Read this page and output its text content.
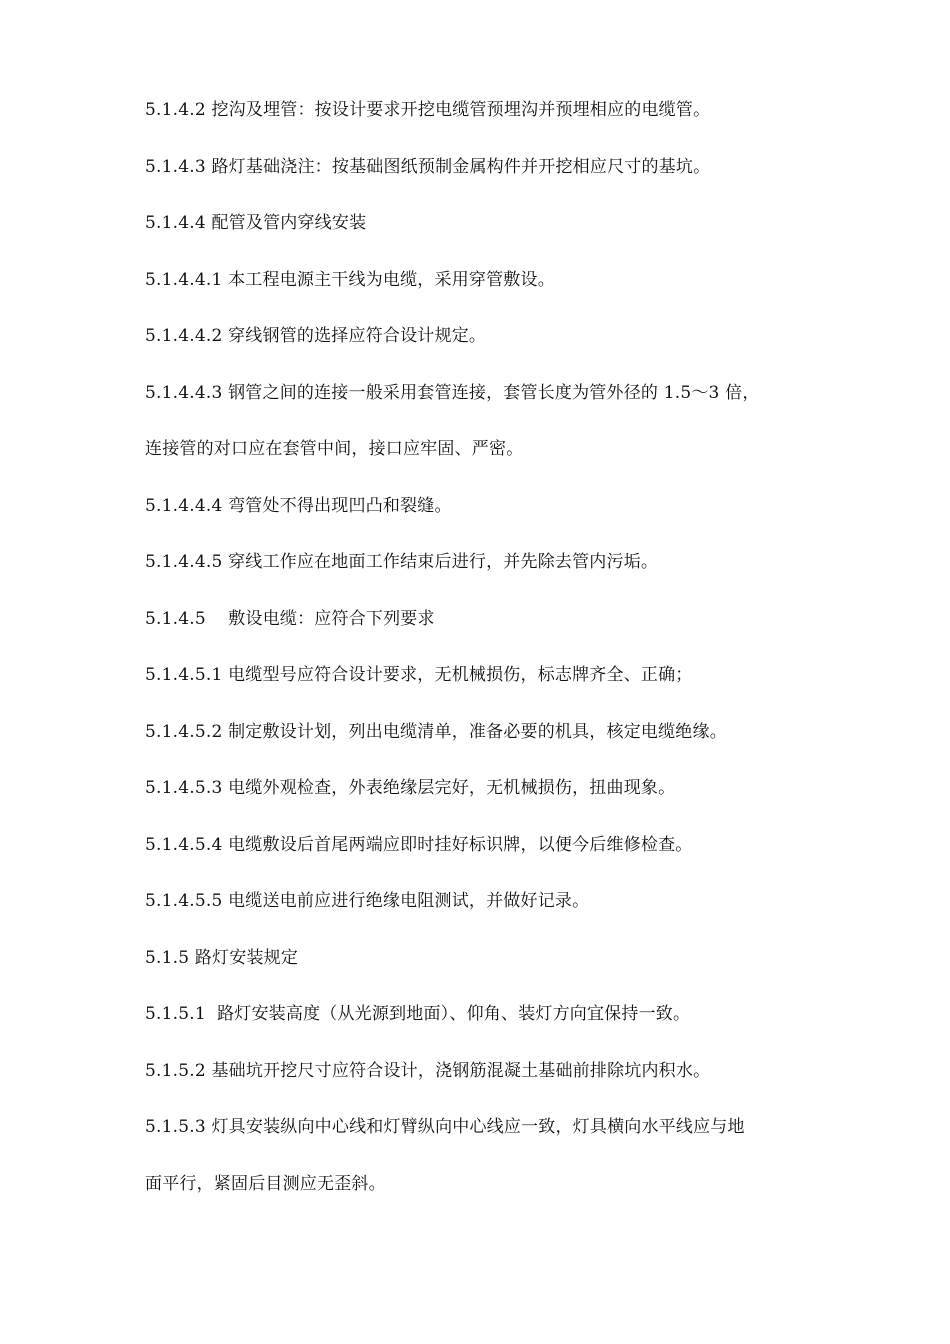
5.1.4.2 挖沟及埋管：按设计要求开挖电缆管预埋沟并预埋相应的电缆管。
5.1.4.3 路灯基础浇注：按基础图纸预制金属构件并开挖相应尺寸的基坑。
5.1.4.4 配管及管内穿线安装
5.1.4.4.1 本工程电源主干线为电缆，采用穿管敷设。
5.1.4.4.2 穿线钢管的选择应符合设计规定。
5.1.4.4.3 钢管之间的连接一般采用套管连接，套管长度为管外径的 1.5～3 倍，
连接管的对口应在套管中间，接口应牢固、严密。
5.1.4.4.4 弯管处不得出现凹凸和裂缝。
5.1.4.4.5 穿线工作应在地面工作结束后进行，并先除去管内污垢。
5.1.4.5    敷设电缆：应符合下列要求
5.1.4.5.1 电缆型号应符合设计要求，无机械损伤，标志牌齐全、正确；
5.1.4.5.2 制定敷设计划，列出电缆清单，准备必要的机具，核定电缆绝缘。
5.1.4.5.3 电缆外观检查，外表绝缘层完好，无机械损伤，扭曲现象。
5.1.4.5.4 电缆敷设后首尾两端应即时挂好标识牌，以便今后维修检查。
5.1.4.5.5 电缆送电前应进行绝缘电阻测试，并做好记录。
5.1.5 路灯安装规定
5.1.5.1  路灯安装高度（从光源到地面）、仰角、装灯方向宜保持一致。
5.1.5.2 基础坑开挖尺寸应符合设计，浇钢筋混凝土基础前排除坑内积水。
5.1.5.3 灯具安装纵向中心线和灯臂纵向中心线应一致，灯具横向水平线应与地
面平行，紧固后目测应无歪斜。
